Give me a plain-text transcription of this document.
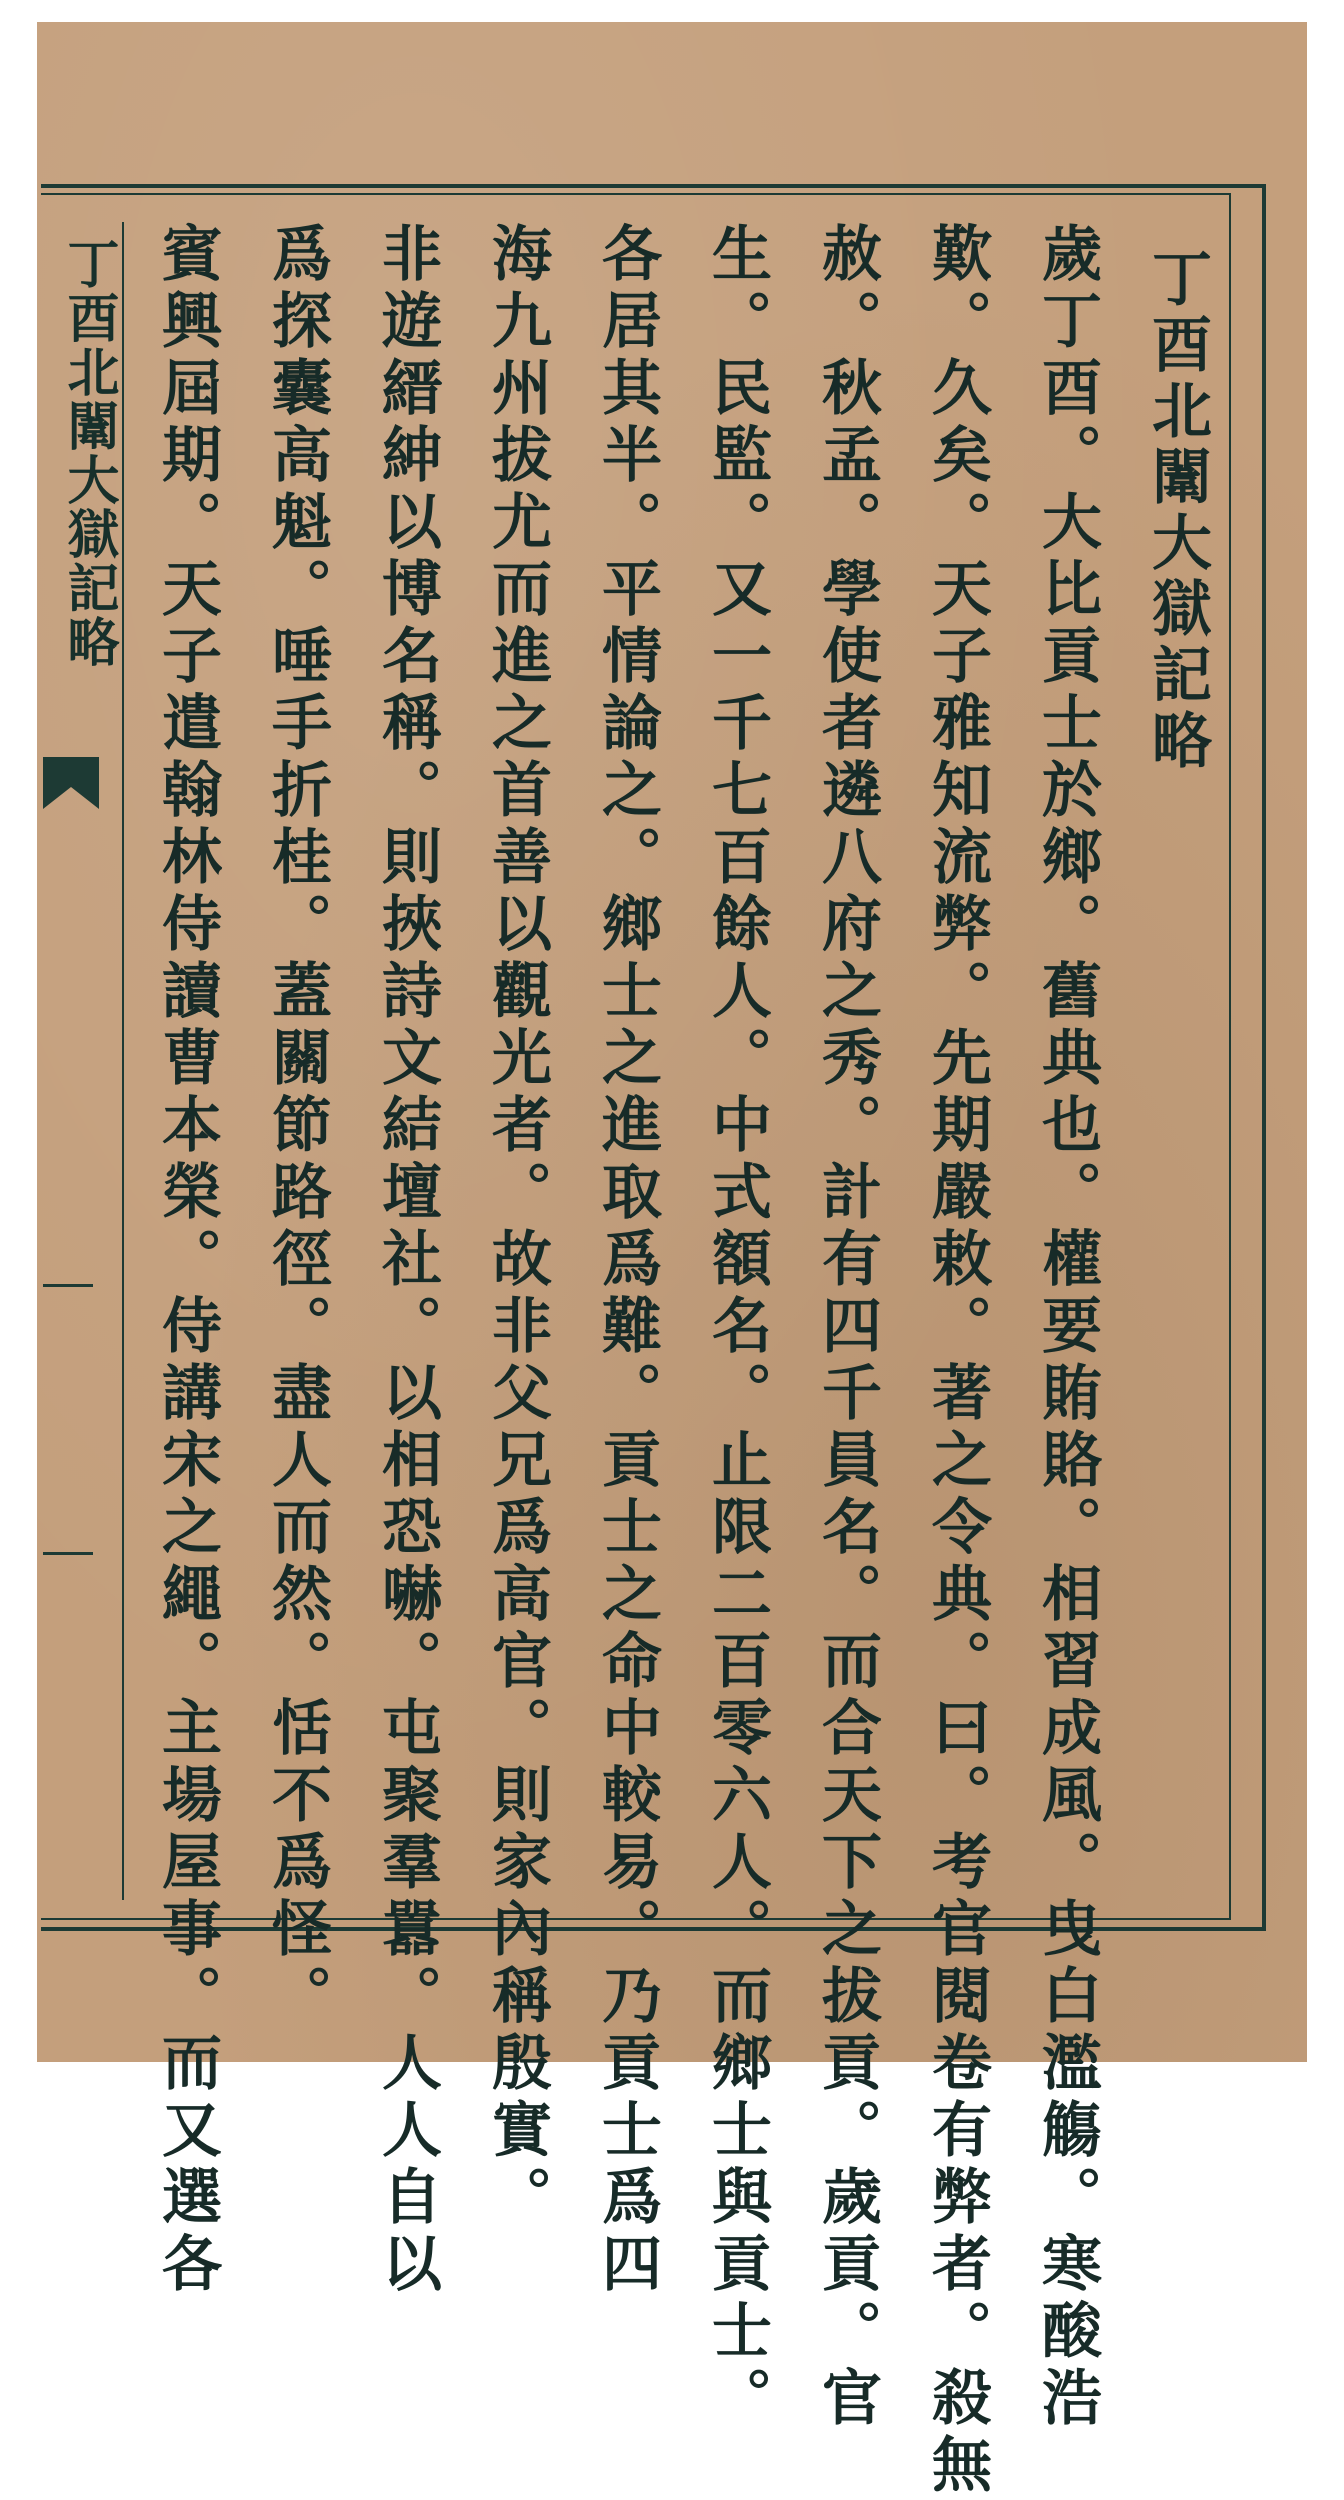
丁酉北闈大獄記略	丁酉北闈大獄記略
歲丁酉。大比貢士於鄉。舊典也。權要賄賂。相習成風。曳白濫觴。寒酸浩
歎。久矣。天子雅知流弊。先期嚴敕。著之令典。曰。考官閱卷有弊者。殺無
赦。秋孟。學使者遴八府之秀。計有四千員名。而合天下之拔貢。歲貢。官
生。民監。又一千七百餘人。中式額名。止限二百零六人。而鄉士與貢士。
各居其半。平情論之。鄉士之進取爲難。貢士之命中較易。乃貢士爲四
海九州拔尤而進之首善以觀光者。故非父兄爲高官。則家內稱殷實。
非遊縉紳以博名稱。則挾詩文結壇社。以相恐嚇。屯聚羣囂。人人自以
爲探囊高魁。唾手折桂。蓋關節路徑。盡人而然。恬不爲怪。
賓興屆期。天子遣翰林侍讀曹本榮。侍講宋之繩。主場屋事。而又選各
